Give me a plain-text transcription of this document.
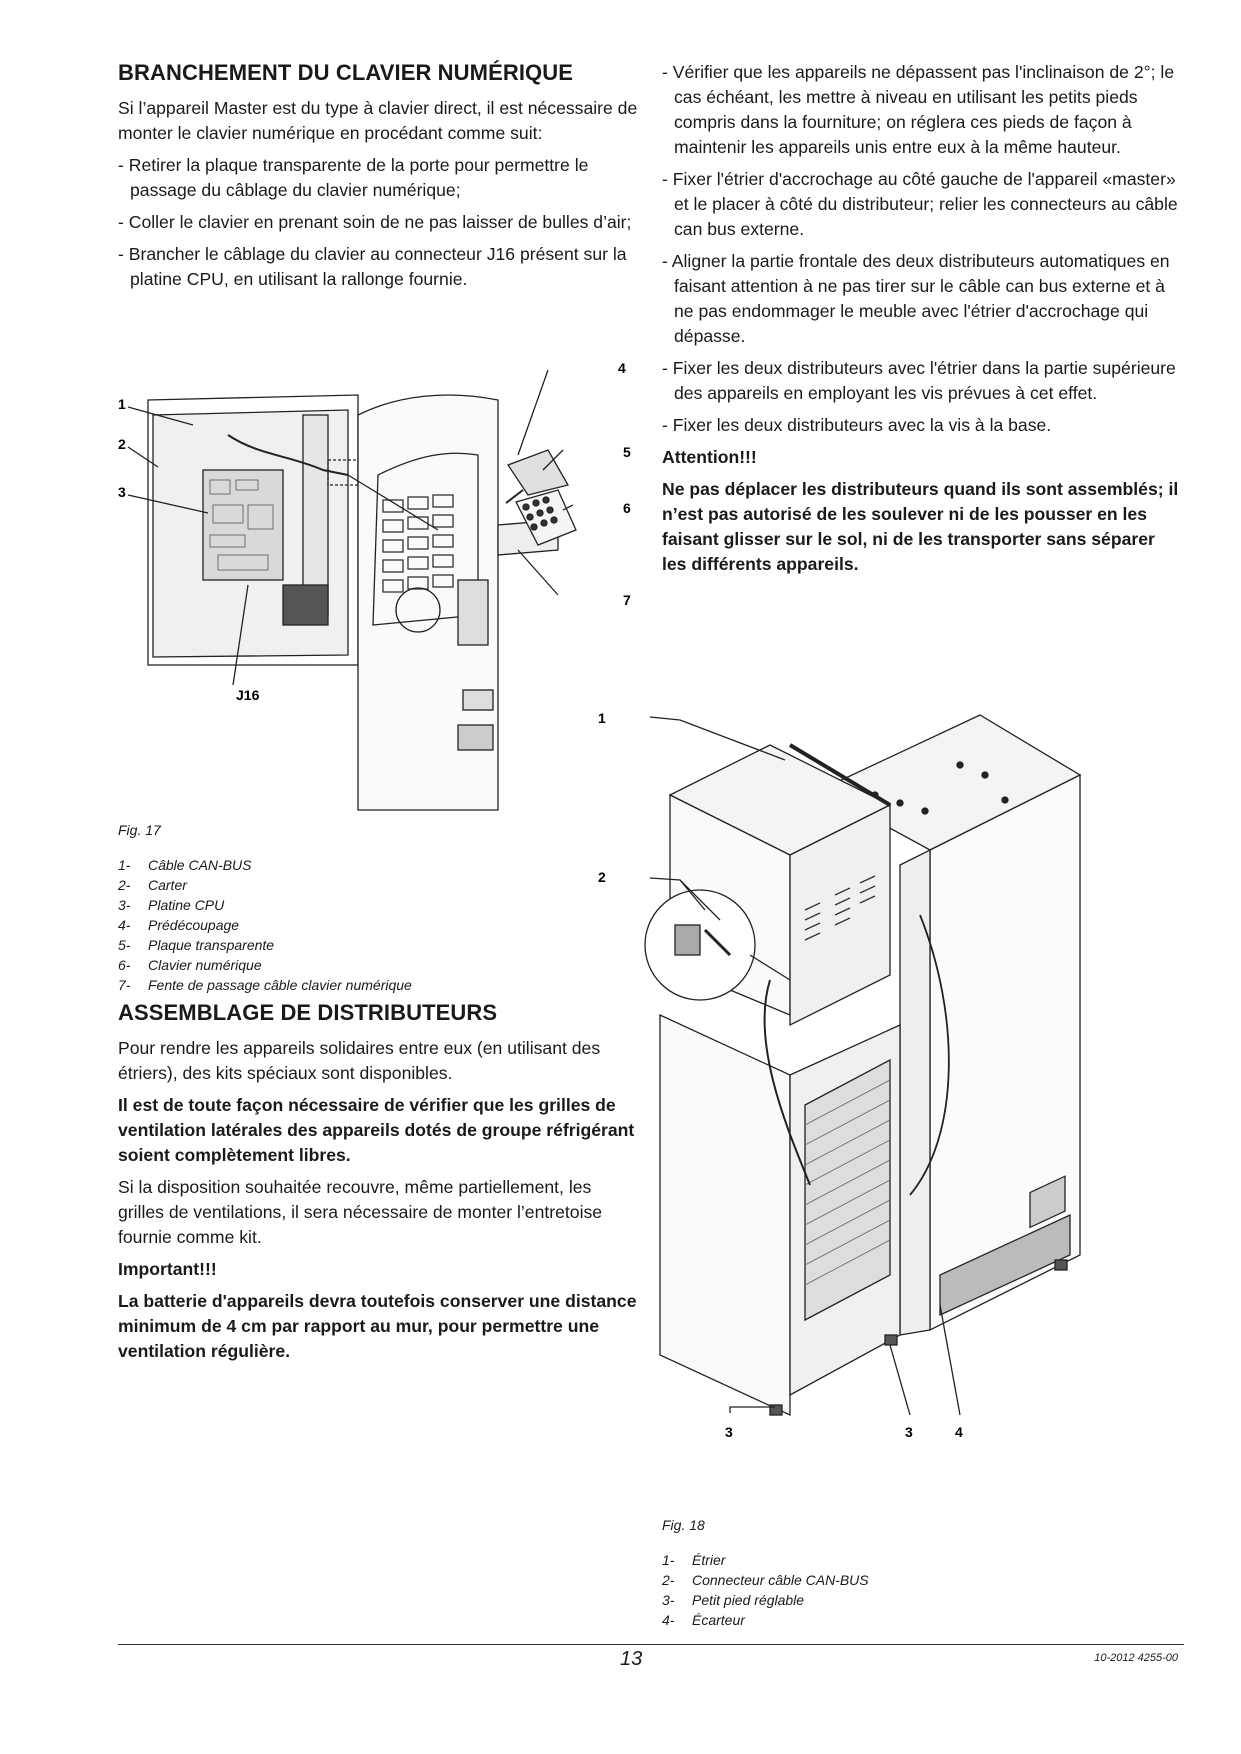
BRANCHEMENT DU CLAVIER NUMÉRIQUE

Si l’appareil Master est du type à clavier direct, il est nécessaire de monter le clavier numérique en procédant comme suit:

- Retirer la plaque transparente de la porte pour permettre le passage du câblage du clavier numérique;

- Coller le clavier en prenant soin de ne pas laisser de bulles d’air;

- Brancher le câblage du clavier au connecteur J16 présent sur la platine CPU, en utilisant la rallonge fournie.

1
2
3
4
5
6
7
J16

Fig. 17

1-	Câble CAN-BUS
2-	Carter
3-	Platine CPU
4-	Prédécoupage
5-	Plaque transparente
6-	Clavier numérique
7-	Fente de passage câble clavier numérique
ASSEMBLAGE DE DISTRIBUTEURS

Pour rendre les appareils solidaires entre eux (en utilisant des étriers), des kits spéciaux sont disponibles.

Il est de toute façon nécessaire de vérifier que les grilles de ventilation latérales des appareils dotés de groupe réfrigérant soient complètement libres.

Si la disposition souhaitée recouvre, même partiellement, les grilles de ventilations, il sera nécessaire de monter l’entretoise fournie comme kit.

Important!!!

La batterie d'appareils devra toutefois conserver une distance minimum de 4 cm par rapport au mur, pour permettre une ventilation régulière.

- Vérifier que les appareils ne dépassent pas l'inclinaison de 2°; le cas échéant, les mettre à niveau en utilisant les petits pieds compris dans la fourniture; on réglera ces pieds de façon à maintenir les appareils unis entre eux à la même hauteur.

- Fixer l'étrier d'accrochage au côté gauche de l'appareil «master» et le placer à côté du distributeur; relier les connecteurs au câble can bus externe.

- Aligner la partie frontale des deux distributeurs automatiques en faisant attention à ne pas tirer sur le câble can bus externe et à ne pas endommager le meuble avec l'étrier d'accrochage qui dépasse.

- Fixer les deux distributeurs avec l'étrier dans la partie supérieure des appareils en employant les vis prévues à cet effet.

- Fixer les deux distributeurs avec la vis à la base.

Attention!!!

Ne pas déplacer les distributeurs quand ils sont assemblés; il n’est pas autorisé de les soulever ni de les pousser en les faisant glisser sur le sol, ni de les transporter sans séparer les différents appareils.

1
2
3	3	4

Fig. 18

1-	Étrier
2-	Connecteur câble CAN-BUS
3-	Petit pied réglable
4-	Écarteur
13	10-2012 4255-00
